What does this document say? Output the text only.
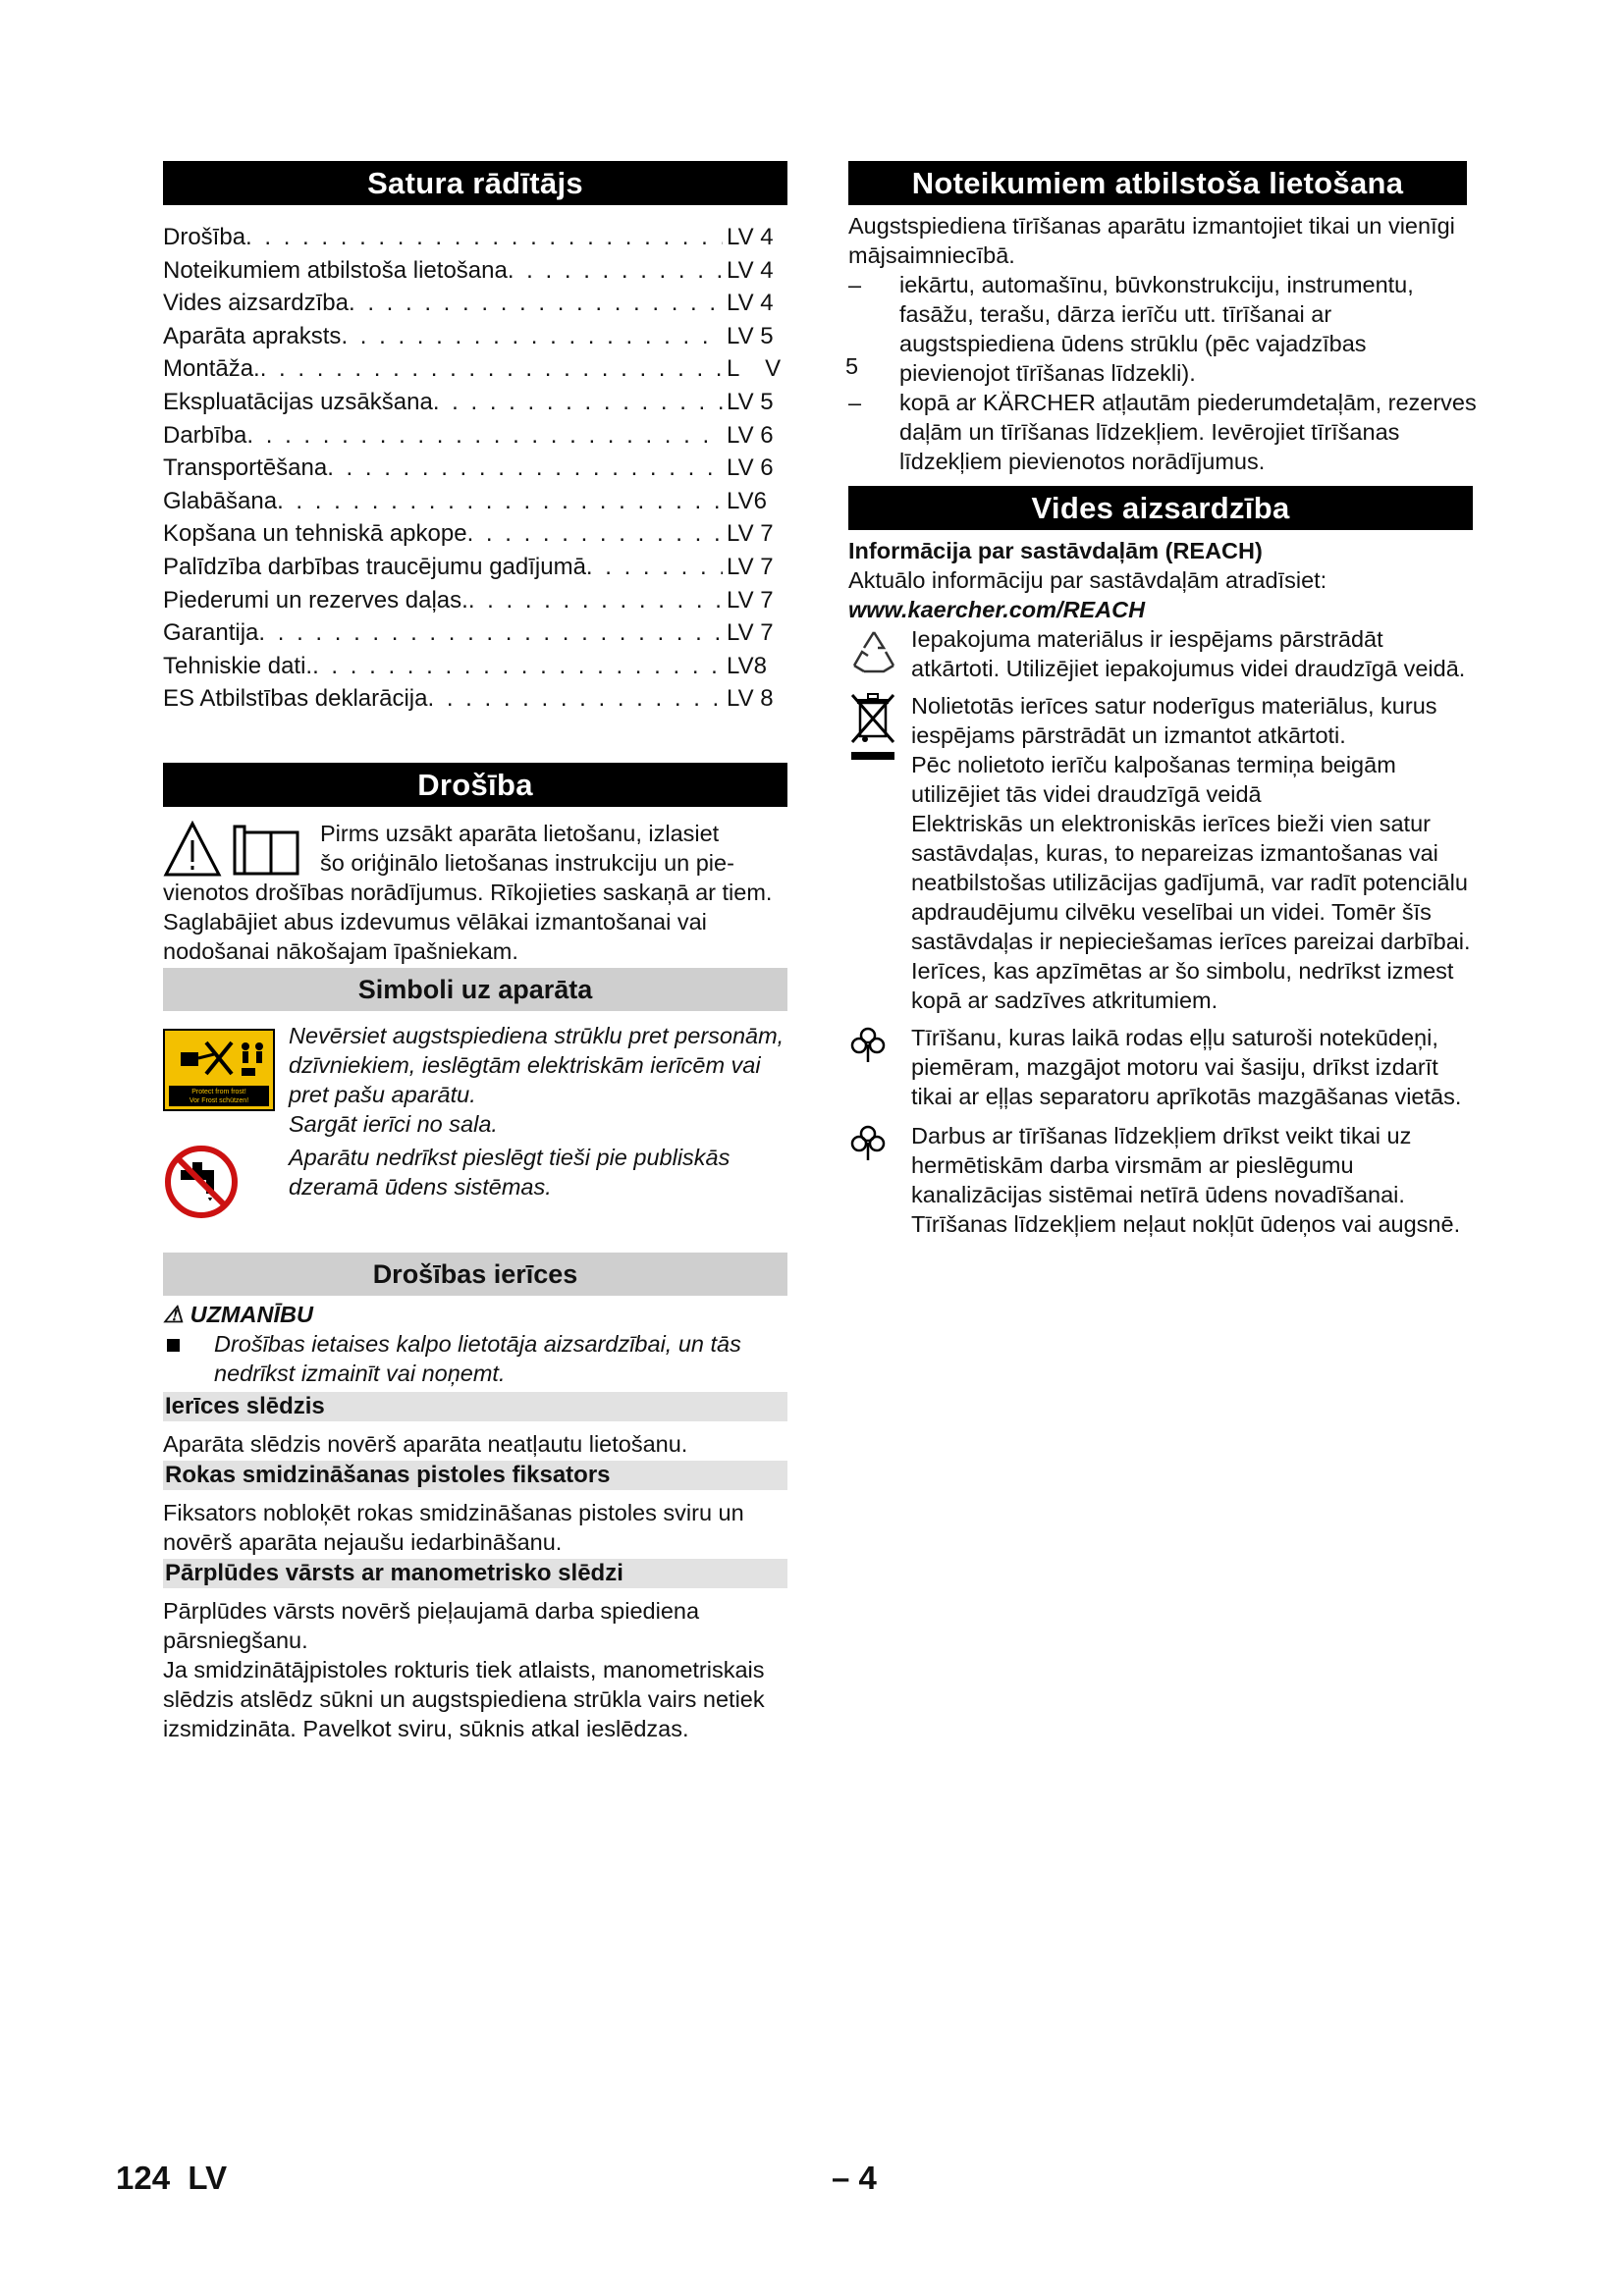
Satura rādītājs
Drošība . . .	LV 4
Noteikumiem atbilstoša lietošana . . .	LV 4
Vides aizsardzība . . .	LV 4
Aparāta apraksts . . .	LV 5
Montāža. . . .	L    V
Ekspluatācijas uzsākšana . . .	LV 5
Darbība . . .	LV 6
Transportēšana . . .	LV 6
Glabāšana . . .	LV6
Kopšana un tehniskā apkope . . .	LV 7
Palīdzība darbības traucējumu gadījumā . . .	LV 7
Piederumi un rezerves daļas. . . .	LV 7
Garantija . . .	LV 7
Tehniskie dati. . . .	LV8
ES Atbilstības deklarācija . . .	LV 8
Drošība
Pirms uzsākt aparāta lietošanu, izlasiet
šo oriģinālo lietošanas instrukciju un pie-
vienotos drošības norādījumus. Rīkojieties saskaņā ar tiem. Saglabājiet abus izdevumus vēlākai izmantošanai vai nodošanai nākošajam īpašniekam.
Simboli uz aparāta
Protect from frost!
Vor Frost schützen!
Nevērsiet augstspiediena strūklu pret personām, dzīvniekiem, ieslēgtām elektriskām ierīcēm vai pret pašu aparātu.
Sargāt ierīci no sala.
Aparātu nedrīkst pieslēgt tieši pie publiskās dzeramā ūdens sistēmas.
Drošības ierīces
⚠ UZMANĪBU
Drošības ietaises kalpo lietotāja aizsardzībai, un tās nedrīkst izmainīt vai noņemt.
Ierīces slēdzis
Aparāta slēdzis novērš aparāta neatļautu lietošanu.
Rokas smidzināšanas pistoles fiksators
Fiksators nobloķēt rokas smidzināšanas pistoles sviru un novērš aparāta nejaušu iedarbināšanu.
Pārplūdes vārsts ar manometrisko slēdzi
Pārplūdes vārsts novērš pieļaujamā darba spiediena pārsniegšanu.
Ja smidzinātājpistoles rokturis tiek atlaists, manometriskais slēdzis atslēdz sūkni un augstspiediena strūkla vairs netiek izsmidzināta. Pavelkot sviru, sūknis atkal ieslēdzas.
Noteikumiem atbilstoša lietošana
Augstspiediena tīrīšanas aparātu izmantojiet tikai un vienīgi mājsaimniecībā.
–	iekārtu, automašīnu, būvkonstrukciju, instrumentu, fasāžu, terašu, dārza ierīču utt. tīrīšanai ar augstspiediena ūdens strūklu (pēc vajadzības pievienojot tīrīšanas līdzekli).
5
–	kopā ar KÄRCHER atļautām piederumdetaļām, rezerves daļām un tīrīšanas līdzekļiem. Ievērojiet tīrīšanas līdzekļiem pievienotos norādījumus.
Vides aizsardzība
Informācija par sastāvdaļām (REACH)
Aktuālo informāciju par sastāvdaļām atradīsiet:
www.kaercher.com/REACH
Iepakojuma materiālus ir iespējams pārstrādāt atkārtoti. Utilizējiet iepakojumus videi draudzīgā veidā.
Nolietotās ierīces satur noderīgus materiālus, kurus iespējams pārstrādāt un izmantot atkārtoti.
Pēc nolietoto ierīču kalpošanas termiņa beigām utilizējiet tās videi draudzīgā veidā
Elektriskās un elektroniskās ierīces bieži vien satur sastāvdaļas, kuras, to nepareizas izmantošanas vai neatbilstošas utilizācijas gadījumā, var radīt potenciālu apdraudējumu cilvēku veselībai un videi. Tomēr šīs sastāvdaļas ir nepieciešamas ierīces pareizai darbībai. Ierīces, kas apzīmētas ar šo simbolu, nedrīkst izmest kopā ar sadzīves atkritumiem.
Tīrīšanu, kuras laikā rodas eļļu saturoši notekūdeņi, piemēram, mazgājot motoru vai šasiju, drīkst izdarīt tikai ar eļļas separatoru aprīkotās mazgāšanas vietās.
Darbus ar tīrīšanas līdzekļiem drīkst veikt tikai uz hermētiskām darba virsmām ar pieslēgumu kanalizācijas sistēmai netīrā ūdens novadīšanai. Tīrīšanas līdzekļiem neļaut nokļūt ūdeņos vai augsnē.
124  LV	– 4
